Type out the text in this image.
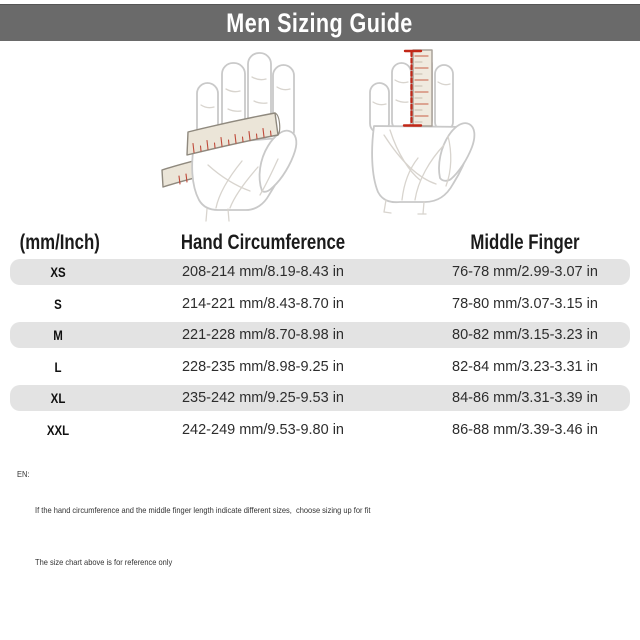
Men Sizing Guide
(mm/Inch)	Hand Circumference	Middle Finger
XS	208-214 mm/8.19-8.43 in	76-78 mm/2.99-3.07 in
S	214-221 mm/8.43-8.70 in	78-80 mm/3.07-3.15 in
M	221-228 mm/8.70-8.98 in	80-82 mm/3.15-3.23 in
L	228-235 mm/8.98-9.25 in	82-84 mm/3.23-3.31 in
XL	235-242 mm/9.25-9.53 in	84-86 mm/3.31-3.39 in
XXL	242-249 mm/9.53-9.80 in	86-88 mm/3.39-3.46 in
EN:

If the hand circumference and the middle finger length indicate different sizes,  choose sizing up for fit

The size chart above is for reference only
